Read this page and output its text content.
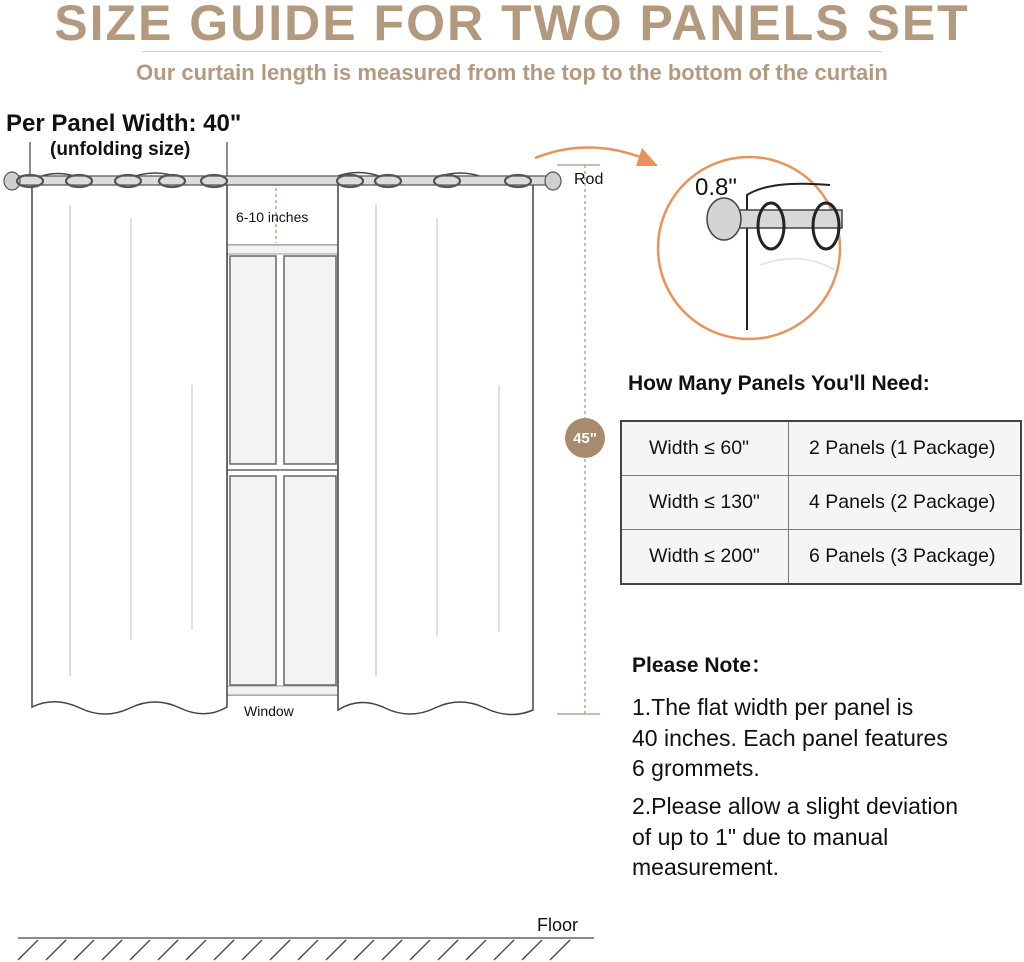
SIZE GUIDE FOR TWO PANELS SET
Our curtain length is measured from the top to the bottom of the curtain
Per Panel Width: 40"
(unfolding size)
6-10 inches
Rod
Window
Floor
45"
0.8"
How Many Panels You'll Need:
Width ≤ 60"	2 Panels (1 Package)
Width ≤ 130"	4 Panels (2 Package)
Width ≤ 200"	6 Panels (3 Package)
Please Note：
1.The flat width per panel is
40 inches. Each panel features
6 grommets.
2.Please allow a slight deviation
of up to 1" due to manual
measurement.
